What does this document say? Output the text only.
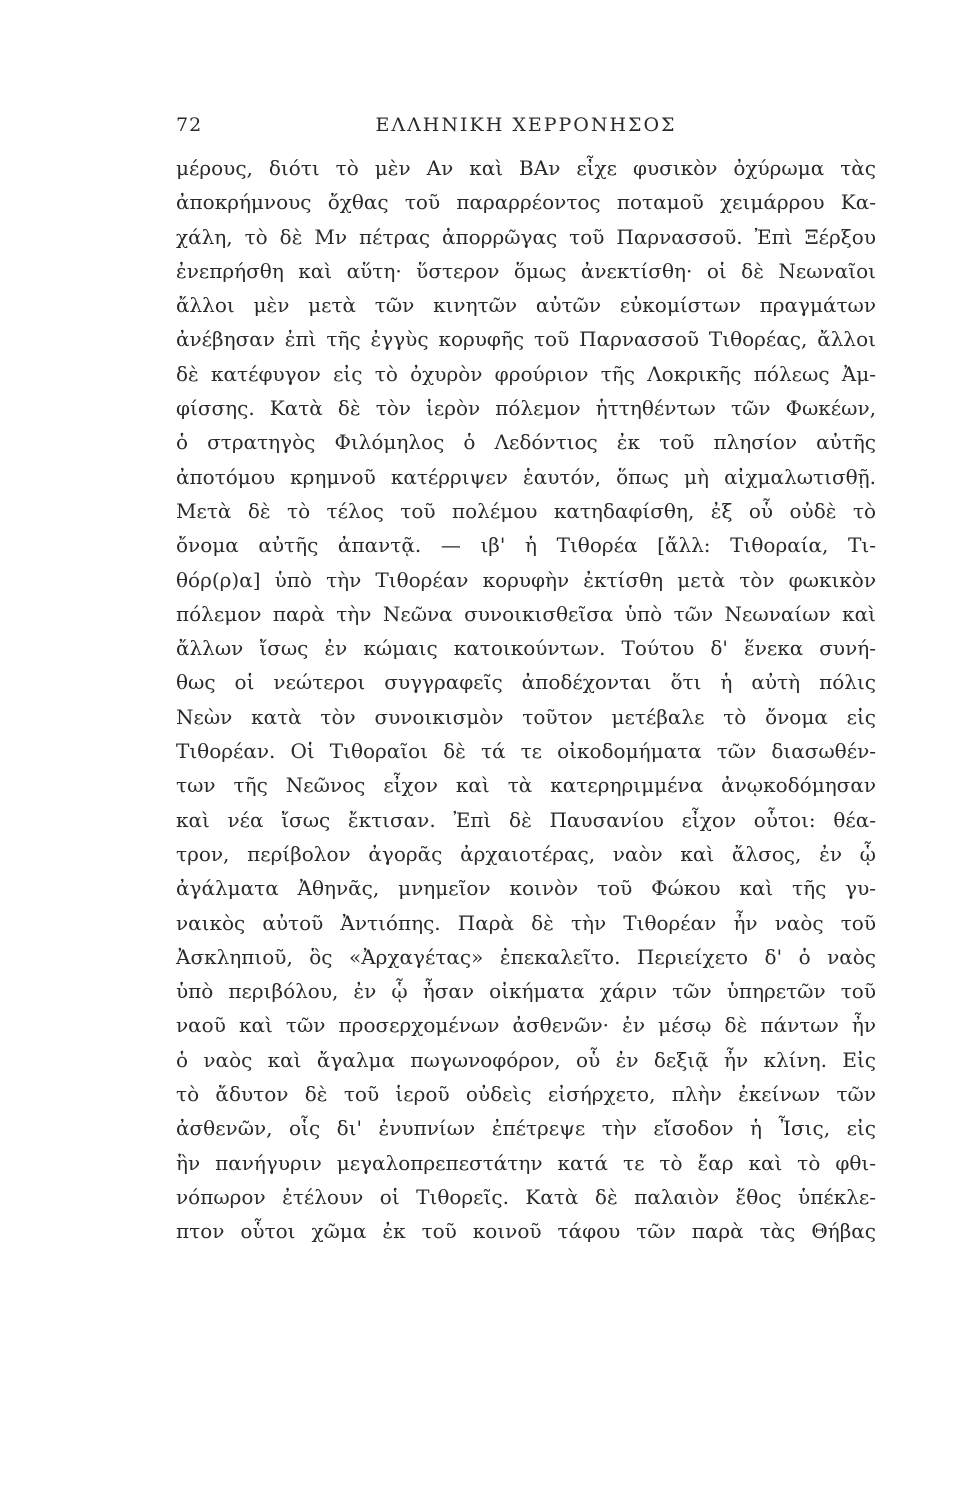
72	ΕΛΛΗΝΙΚΗ ΧΕΡΡΟΝΗΣΟΣ
μέρους, διότι τὸ μὲν Αν καὶ ΒΑν εἶχε φυσικὸν ὀχύρωμα τὰς
ἀποκρήμνους ὄχθας τοῦ παραρρέοντος ποταμοῦ χειμάρρου Κα-
χάλη, τὸ δὲ Μν πέτρας ἀπορρῶγας τοῦ Παρνασσοῦ. Ἐπὶ Ξέρξου
ἐνεπρήσθη καὶ αὕτη· ὕστερον ὅμως ἀνεκτίσθη· οἱ δὲ Νεωναῖοι
ἄλλοι μὲν μετὰ τῶν κινητῶν αὐτῶν εὐκομίστων πραγμάτων
ἀνέβησαν ἐπὶ τῆς ἐγγὺς κορυφῆς τοῦ Παρνασσοῦ Τιθορέας, ἄλλοι
δὲ κατέφυγον εἰς τὸ ὀχυρὸν φρούριον τῆς Λοκρικῆς πόλεως Ἀμ-
φίσσης. Κατὰ δὲ τὸν ἱερὸν πόλεμον ἡττηθέντων τῶν Φωκέων,
ὁ στρατηγὸς Φιλόμηλος ὁ Λεδόντιος ἐκ τοῦ πλησίον αὐτῆς
ἀποτόμου κρημνοῦ κατέρριψεν ἑαυτόν, ὅπως μὴ αἰχμαλωτισθῇ.
Μετὰ δὲ τὸ τέλος τοῦ πολέμου κατηδαφίσθη, ἐξ οὗ οὐδὲ τὸ
ὄνομα αὐτῆς ἀπαντᾷ. — ιβ' ἡ Τιθορέα [ἄλλ: Τιθοραία, Τι-
θόρ(ρ)α] ὑπὸ τὴν Τιθορέαν κορυφὴν ἐκτίσθη μετὰ τὸν φωκικὸν
πόλεμον παρὰ τὴν Νεῶνα συνοικισθεῖσα ὑπὸ τῶν Νεωναίων καὶ
ἄλλων ἴσως ἐν κώμαις κατοικούντων. Τούτου δ' ἕνεκα συνή-
θως οἱ νεώτεροι συγγραφεῖς ἀποδέχονται ὅτι ἡ αὐτὴ πόλις
Νεὼν κατὰ τὸν συνοικισμὸν τοῦτον μετέβαλε τὸ ὄνομα εἰς
Τιθορέαν. Οἱ Τιθοραῖοι δὲ τά τε οἰκοδομήματα τῶν διασωθέν-
των τῆς Νεῶνος εἶχον καὶ τὰ κατερηριμμένα ἀνῳκοδόμησαν
καὶ νέα ἴσως ἔκτισαν. Ἐπὶ δὲ Παυσανίου εἶχον οὗτοι: θέα-
τρον, περίβολον ἀγορᾶς ἀρχαιοτέρας, ναὸν καὶ ἄλσος, ἐν ᾧ
ἀγάλματα Ἀθηνᾶς, μνημεῖον κοινὸν τοῦ Φώκου καὶ τῆς γυ-
ναικὸς αὐτοῦ Ἀντιόπης. Παρὰ δὲ τὴν Τιθορέαν ἦν ναὸς τοῦ
Ἀσκληπιοῦ, ὃς «Ἀρχαγέτας» ἐπεκαλεῖτο. Περιείχετο δ' ὁ ναὸς
ὑπὸ περιβόλου, ἐν ᾧ ἦσαν οἰκήματα χάριν τῶν ὑπηρετῶν τοῦ
ναοῦ καὶ τῶν προσερχομένων ἀσθενῶν· ἐν μέσῳ δὲ πάντων ἦν
ὁ ναὸς καὶ ἄγαλμα πωγωνοφόρον, οὗ ἐν δεξιᾷ ἦν κλίνη. Εἰς
τὸ ἄδυτον δὲ τοῦ ἱεροῦ οὐδεὶς εἰσήρχετο, πλὴν ἐκείνων τῶν
ἀσθενῶν, οἷς δι' ἐνυπνίων ἐπέτρεψε τὴν εἴσοδον ἡ Ἶσις, εἰς
ἣν πανήγυριν μεγαλοπρεπεστάτην κατά τε τὸ ἔαρ καὶ τὸ φθι-
νόπωρον ἐτέλουν οἱ Τιθορεῖς. Κατὰ δὲ παλαιὸν ἔθος ὑπέκλε-
πτον οὗτοι χῶμα ἐκ τοῦ κοινοῦ τάφου τῶν παρὰ τὰς Θήβας
